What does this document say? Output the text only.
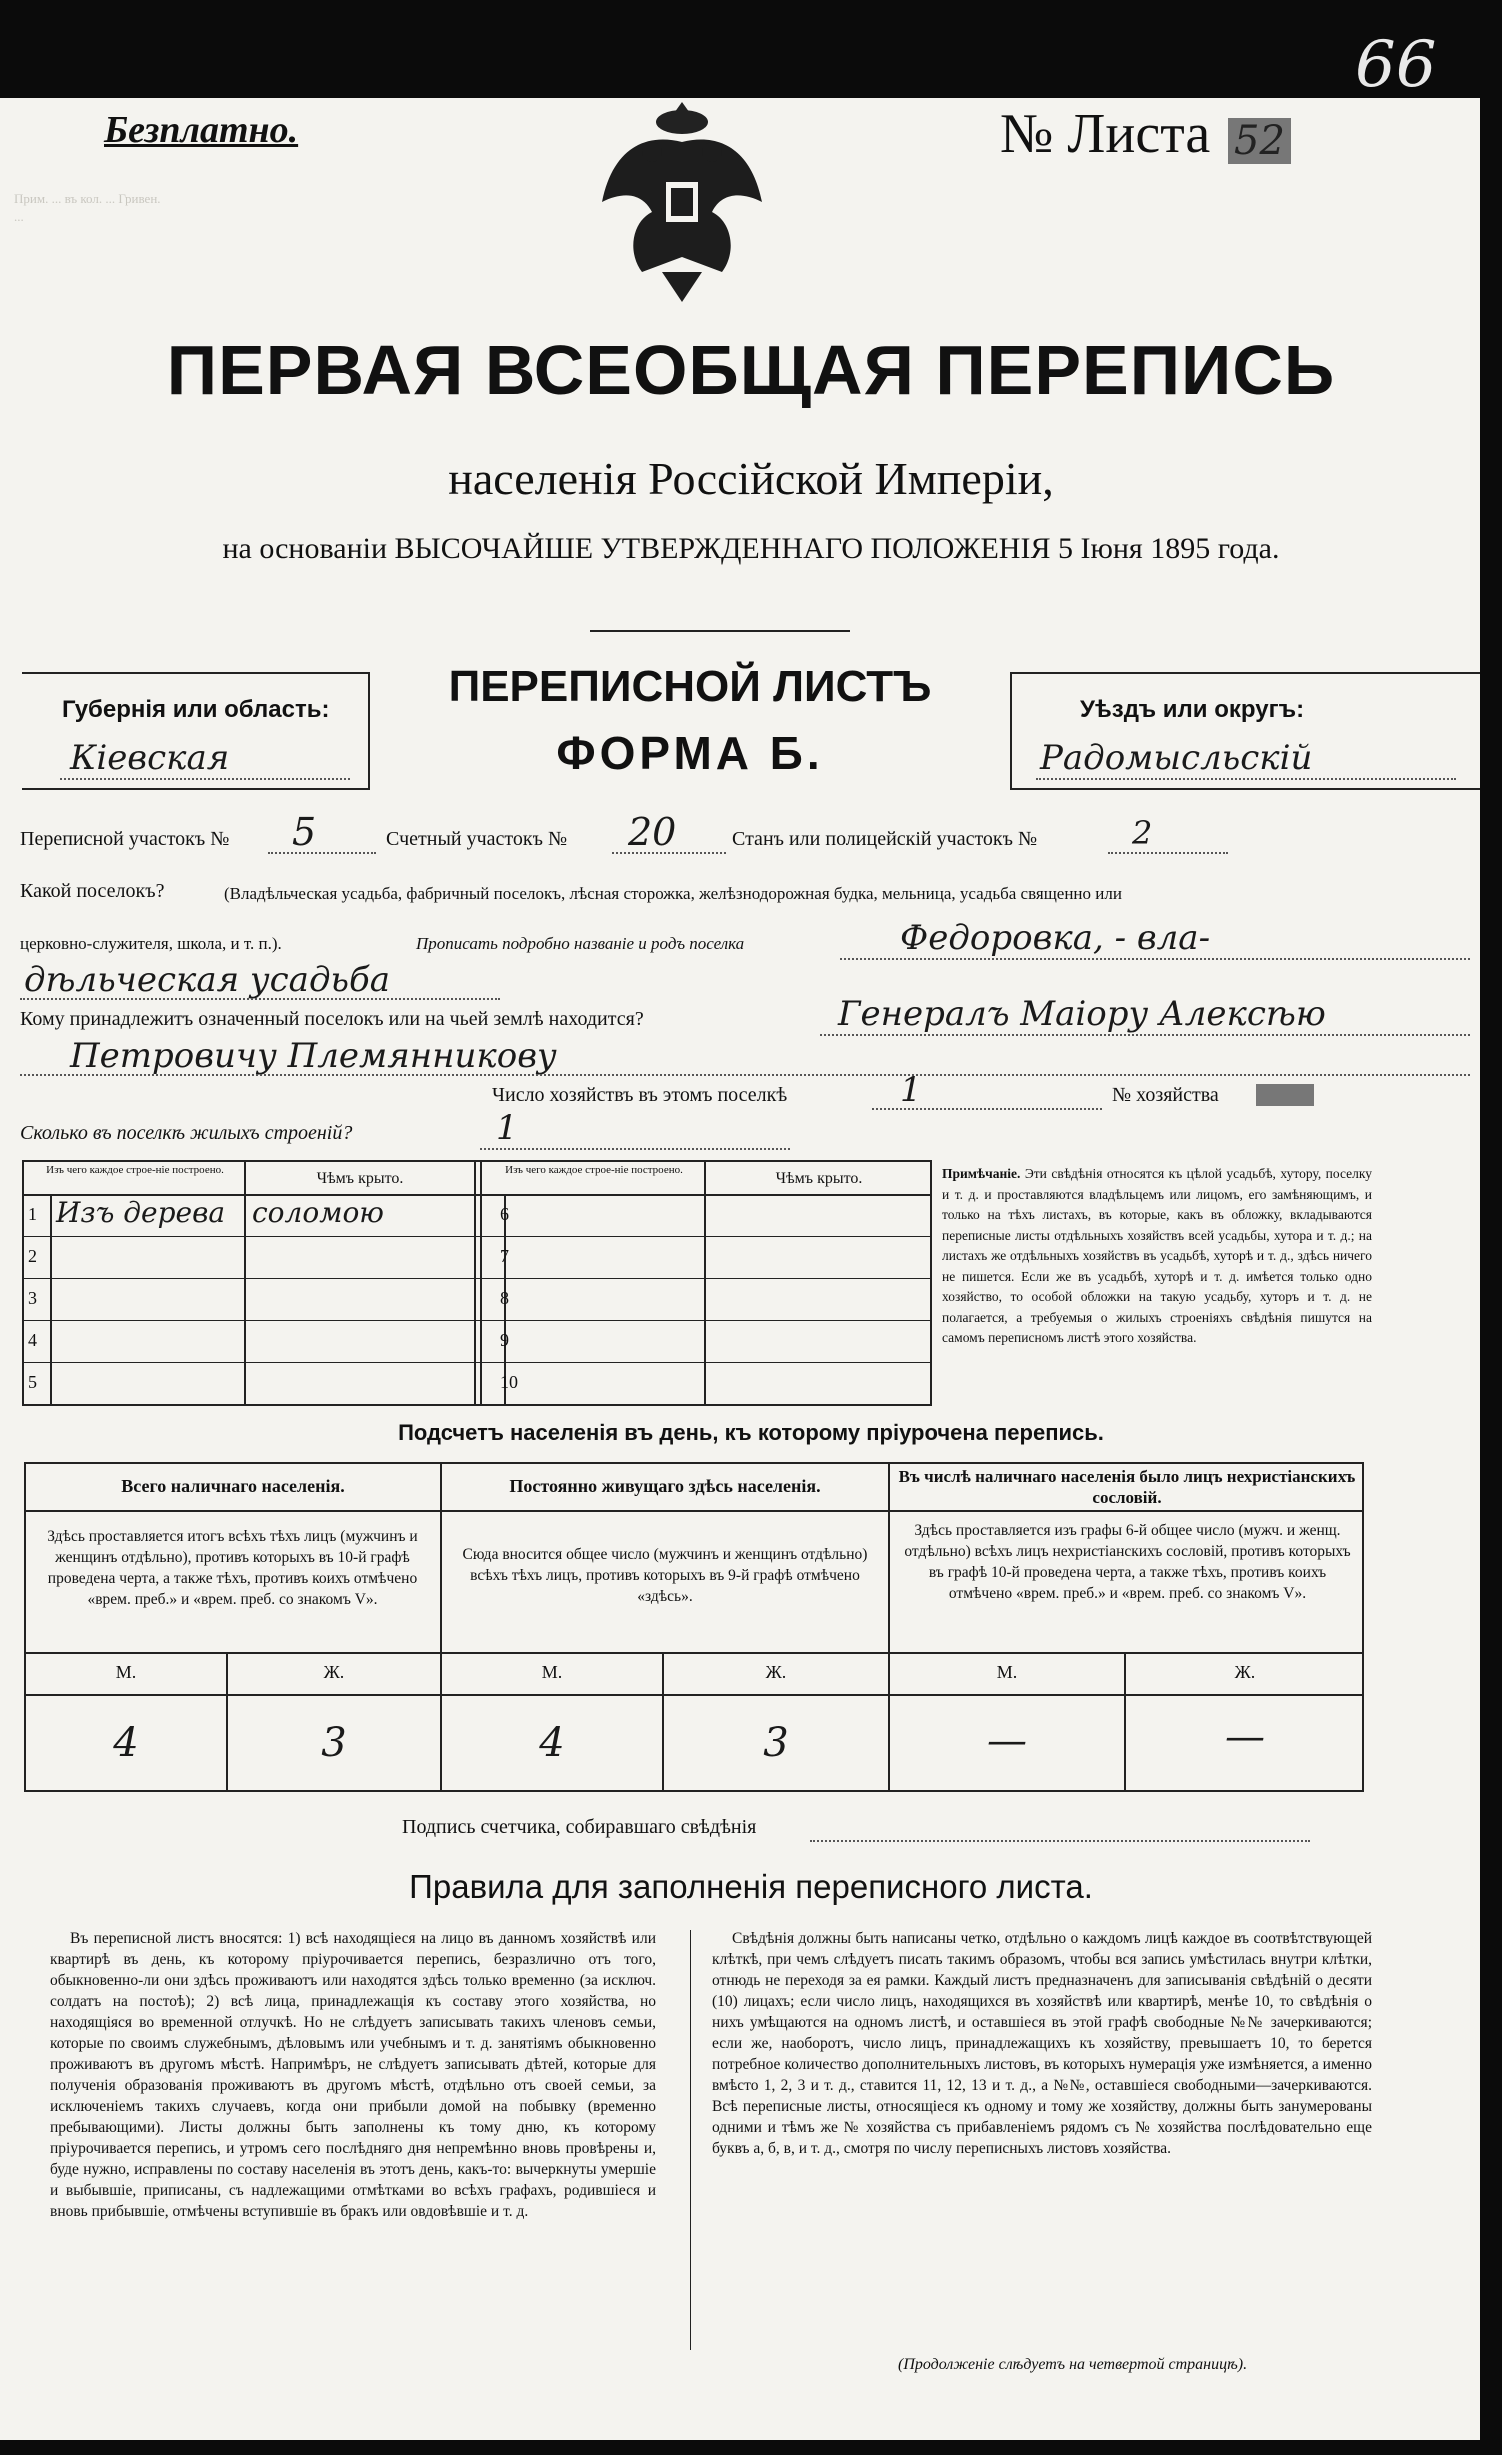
66
Прим. ... въ кол. ... Гривен. ...
Безплатно.	№ Листа 52
ПЕРВАЯ ВСЕОБЩАЯ ПЕРЕПИСЬ
населенія Россійской Имперіи,
на основаніи ВЫСОЧАЙШЕ УТВЕРЖДЕННАГО ПОЛОЖЕНІЯ 5 Іюня 1895 года.
Губернія или область:
Кіевская
ПЕРЕПИСНОЙ ЛИСТЪ
ФОРМА Б.
Уѣздъ или округъ:
Радомысльскій
Переписной участокъ № 5	Счетный участокъ № 20	Станъ или полицейскій участокъ №	2
Какой поселокъ?	(Владѣльческая усадьба, фабричный поселокъ, лѣсная сторожка, желѣзнодорожная будка, мельница, усадьба священно или
церковно-служителя, школа, и т. п.).	Прописать подробно названіе и родъ поселка	Федоровка, - вла-
дѣльческая усадьба
Кому принадлежитъ означенный поселокъ или на чьей землѣ находится?	Генералъ Маіору Алексѣю
Петровичу Племянникову
Число хозяйствъ въ этомъ поселкѣ	1	№ хозяйства
Сколько въ поселкѣ жилыхъ строеній?	1
Изъ чего каждое строе-ніе построено.	Чѣмъ крыто.	Изъ чего каждое строе-ніе построено.	Чѣмъ крыто.
1 Изъ дерева соломою
2
3
4
5
6
7
8
9
10
Примѣчаніе. Эти свѣдѣнія относятся къ цѣлой усадьбѣ, хутору, поселку и т. д. и проставляются владѣльцемъ или лицомъ, его замѣняющимъ, и только на тѣхъ листахъ, въ которые, какъ въ обложку, вкладываются переписные листы отдѣльныхъ хозяйствъ всей усадьбы, хутора и т. д.; на листахъ же отдѣльныхъ хозяйствъ въ усадьбѣ, хуторѣ и т. д., здѣсь ничего не пишется. Если же въ усадьбѣ, хуторѣ и т. д. имѣется только одно хозяйство, то особой обложки на такую усадьбу, хуторъ и т. д. не полагается, а требуемыя о жилыхъ строеніяхъ свѣдѣнія пишутся на самомъ переписномъ листѣ этого хозяйства.
Подсчетъ населенія въ день, къ которому пріурочена перепись.
Всего наличнаго населенія.
Здѣсь проставляется итогъ всѣхъ тѣхъ лицъ (мужчинъ и женщинъ отдѣльно), противъ которыхъ въ 10-й графѣ проведена черта, а также тѣхъ, противъ коихъ отмѣчено «врем. преб.» и «врем. преб. со знакомъ V».
Постоянно живущаго здѣсь населенія.
Сюда вносится общее число (мужчинъ и женщинъ отдѣльно) всѣхъ тѣхъ лицъ, противъ которыхъ въ 9-й графѣ отмѣчено «здѣсь».
Въ числѣ наличнаго населенія было лицъ нехристіанскихъ сословій.
Здѣсь проставляется изъ графы 6-й общее число (мужч. и женщ. отдѣльно) всѣхъ лицъ нехристіанскихъ сословій, противъ которыхъ въ графѣ 10-й проведена черта, а также тѣхъ, противъ коихъ отмѣчено «врем. преб.» и «врем. преб. со знакомъ V».
М.	Ж.	М.	Ж.	М.	Ж.
4	3	4	3	—	—
Подпись счетчика, собиравшаго свѣдѣнія
Правила для заполненія переписного листа.
Въ переписной листъ вносятся: 1) всѣ находящіеся на лицо въ данномъ хозяйствѣ или квартирѣ въ день, къ которому пріурочивается перепись, безразлично отъ того, обыкновенно-ли они здѣсь проживаютъ или находятся здѣсь только временно (за исключ. солдатъ на постоѣ); 2) всѣ лица, принадлежащія къ составу этого хозяйства, но находящіяся во временной отлучкѣ. Но не слѣдуетъ записывать такихъ членовъ семьи, которые по своимъ служебнымъ, дѣловымъ или учебнымъ и т. д. занятіямъ обыкновенно проживаютъ въ другомъ мѣстѣ. Напримѣръ, не слѣдуетъ записывать дѣтей, которые для полученія образованія проживаютъ въ другомъ мѣстѣ, отдѣльно отъ своей семьи, за исключеніемъ такихъ случаевъ, когда они прибыли домой на побывку (временно пребывающими). Листы должны быть заполнены къ тому дню, къ которому пріурочивается перепись, и утромъ сего послѣдняго дня непремѣнно вновь провѣрены и, буде нужно, исправлены по составу населенія въ этотъ день, какъ-то: вычеркнуты умершіе и выбывшіе, приписаны, съ надлежащими отмѣтками во всѣхъ графахъ, родившіеся и вновь прибывшіе, отмѣчены вступившіе въ бракъ или овдовѣвшіе и т. д.
Свѣдѣнія должны быть написаны четко, отдѣльно о каждомъ лицѣ каждое въ соотвѣтствующей клѣткѣ, при чемъ слѣдуетъ писать такимъ образомъ, чтобы вся запись умѣстилась внутри клѣтки, отнюдь не переходя за ея рамки. Каждый листъ предназначенъ для записыванія свѣдѣній о десяти (10) лицахъ; если число лицъ, находящихся въ хозяйствѣ или квартирѣ, менѣе 10, то свѣдѣнія о нихъ умѣщаются на одномъ листѣ, и оставшіеся въ этой графѣ свободные №№ зачеркиваются; если же, наоборотъ, число лицъ, принадлежащихъ къ хозяйству, превышаетъ 10, то берется потребное количество дополнительныхъ листовъ, въ которыхъ нумерація уже измѣняется, а именно вмѣсто 1, 2, 3 и т. д., ставится 11, 12, 13 и т. д., а №№, оставшіеся свободными—зачеркиваются. Всѣ переписные листы, относящіеся къ одному и тому же хозяйству, должны быть занумерованы одними и тѣмъ же № хозяйства съ прибавленіемъ рядомъ съ № хозяйства послѣдовательно еще буквъ а, б, в, и т. д., смотря по числу переписныхъ листовъ хозяйства.
(Продолженіе слѣдуетъ на четвертой страницѣ).
